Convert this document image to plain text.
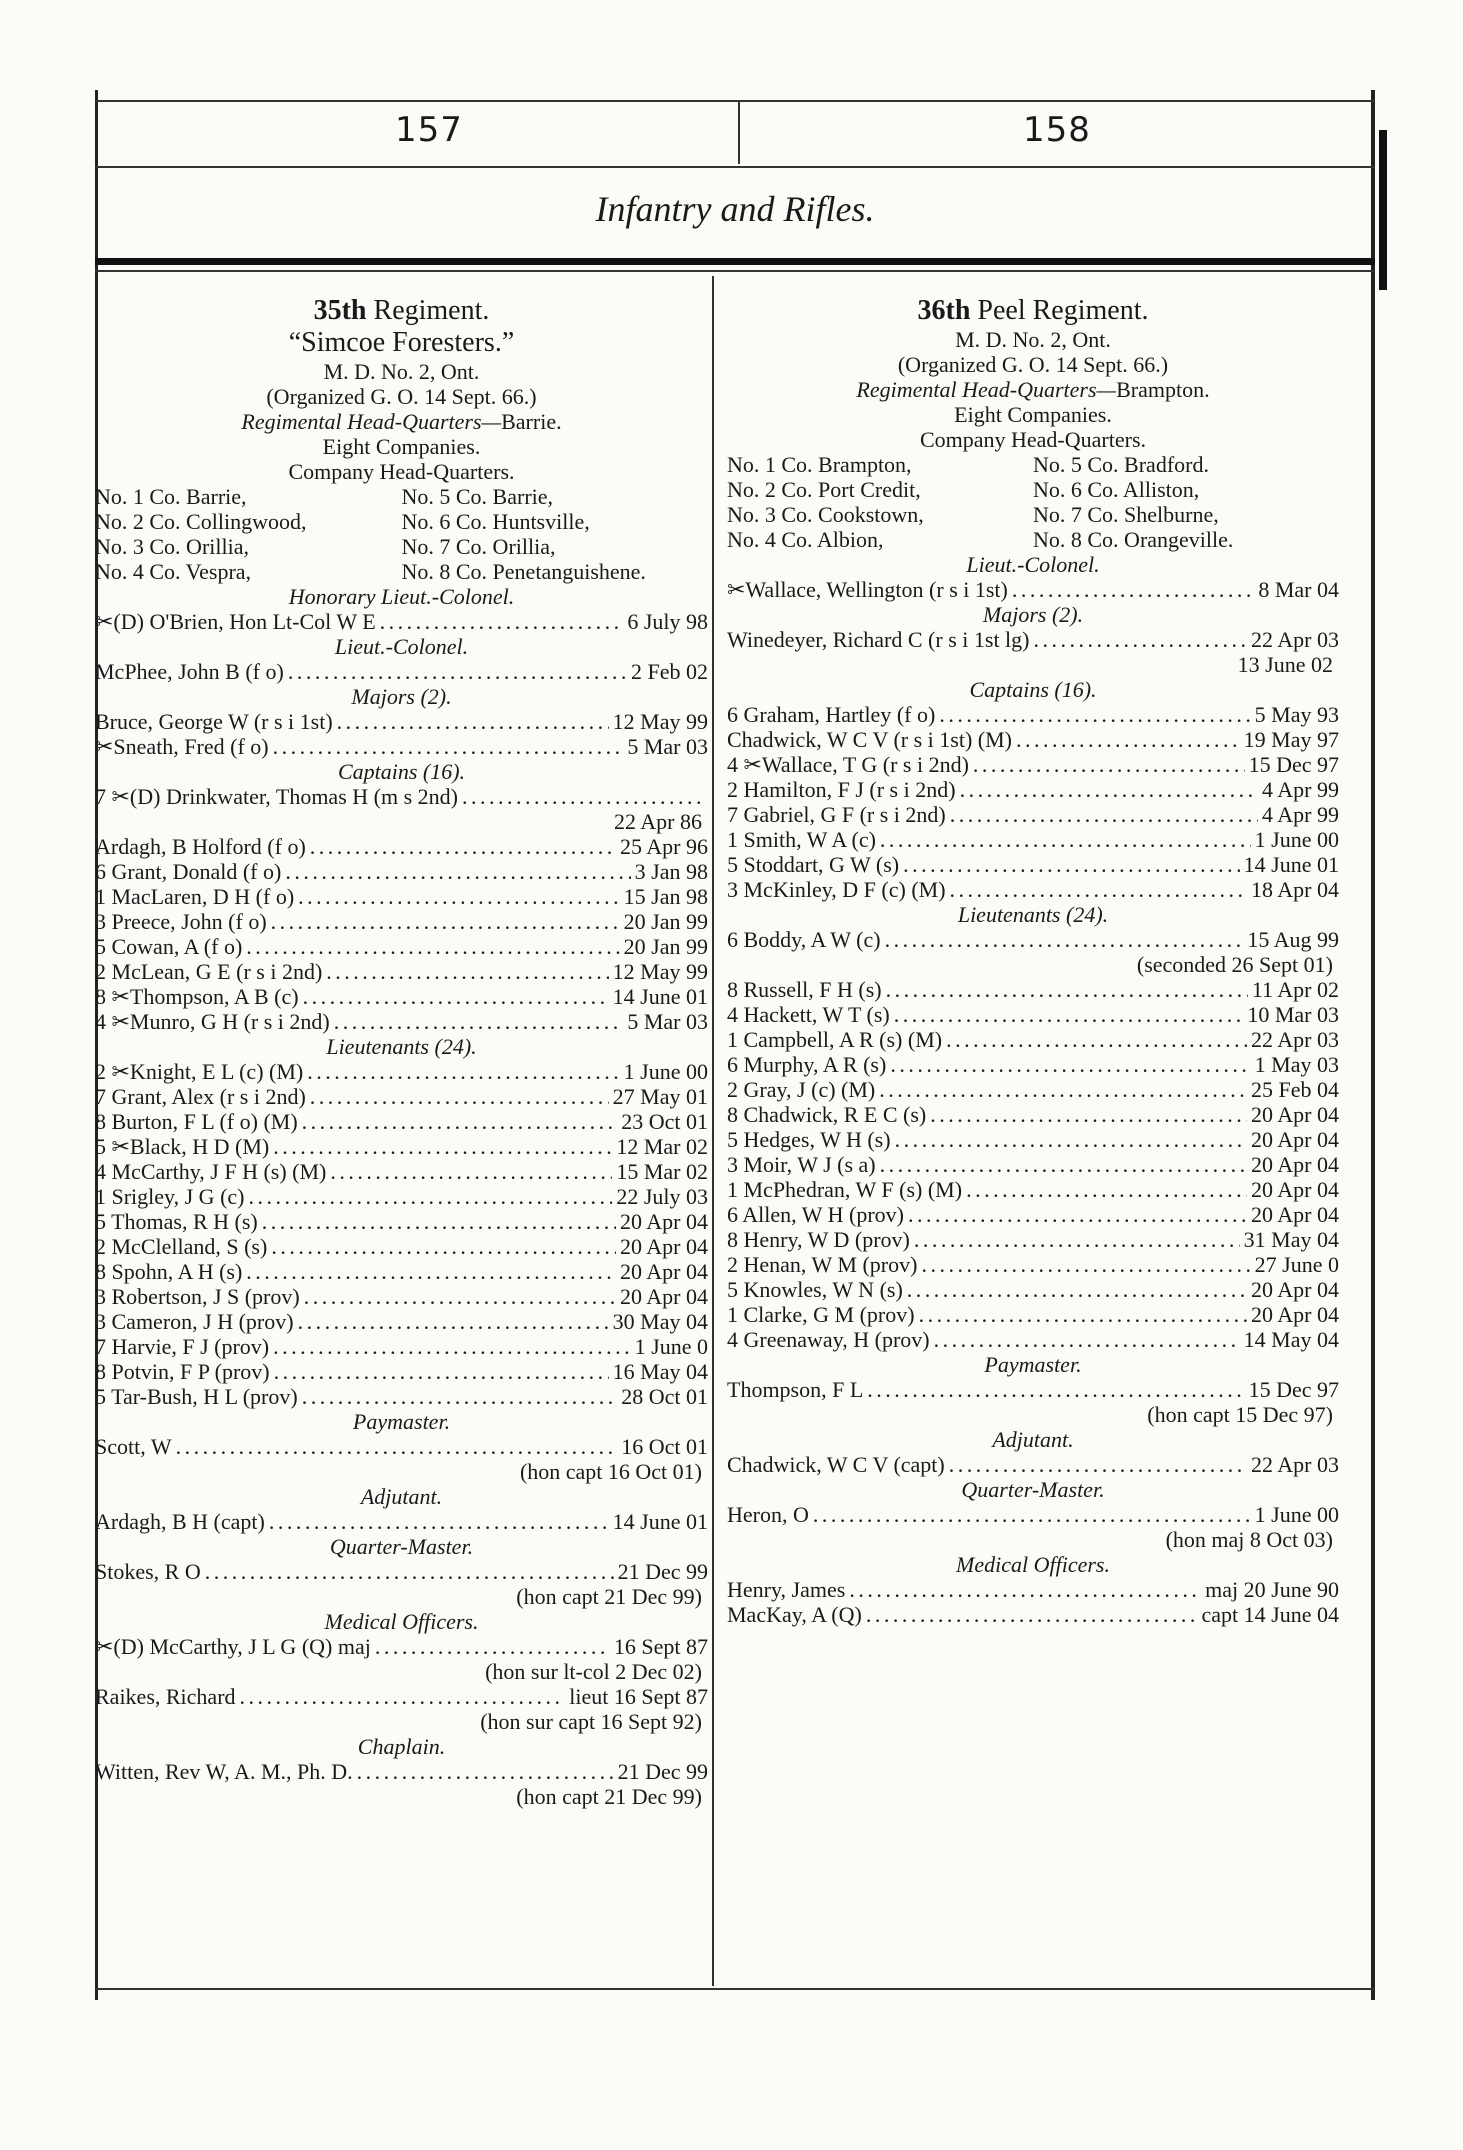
157	158
Infantry and Rifles.
35th Regiment.
“Simcoe Foresters.”
M. D. No. 2, Ont.
(Organized G. O. 14 Sept. 66.)
Regimental Head-Quarters—Barrie.
Eight Companies.
Company Head-Quarters.
No. 1 Co. Barrie,	No. 5 Co. Barrie,
No. 2 Co. Collingwood,	No. 6 Co. Huntsville,
No. 3 Co. Orillia,	No. 7 Co. Orillia,
No. 4 Co. Vespra,	No. 8 Co. Penetanguishene.
Honorary Lieut.-Colonel.
✂(D) O'Brien, Hon Lt-Col W E . . .	6 July 98
Lieut.-Colonel.
McPhee, John B (f o) . . .	2 Feb 02
Majors (2).
Bruce, George W (r s i 1st) . . .	12 May 99
✂Sneath, Fred (f o) . . .	5 Mar 03
Captains (16).
7 ✂(D) Drinkwater, Thomas H (m s 2nd)
. . .
22 Apr 86
Ardagh, B Holford (f o) . . .	25 Apr 96
6 Grant, Donald (f o) . . .	3 Jan 98
1 MacLaren, D H (f o) . . .	15 Jan 98
3 Preece, John (f o) . . .	20 Jan 99
5 Cowan, A (f o) . . .	20 Jan 99
2 McLean, G E (r s i 2nd) . . .	12 May 99
8 ✂Thompson, A B (c) . . .	14 June 01
4 ✂Munro, G H (r s i 2nd) . . .	5 Mar 03
Lieutenants (24).
2 ✂Knight, E L (c) (M) . . .	1 June 00
7 Grant, Alex (r s i 2nd) . . .	27 May 01
8 Burton, F L (f o) (M) . . .	23 Oct 01
5 ✂Black, H D (M) . . .	12 Mar 02
4 McCarthy, J F H (s) (M) . . .	15 Mar 02
1 Srigley, J G (c) . . .	22 July 03
5 Thomas, R H (s) . . .	20 Apr 04
2 McClelland, S (s) . . .	20 Apr 04
8 Spohn, A H (s) . . .	20 Apr 04
3 Robertson, J S (prov) . . .	20 Apr 04
3 Cameron, J H (prov) . . .	30 May 04
7 Harvie, F J (prov) . . .	1 June 0
8 Potvin, F P (prov) . . .	16 May 04
5 Tar-Bush, H L (prov) . . .	28 Oct 01
Paymaster.
Scott, W . . .	16 Oct 01
(hon capt 16 Oct 01)
Adjutant.
Ardagh, B H (capt) . . .	14 June 01
Quarter-Master.
Stokes, R O . . .	21 Dec 99
(hon capt 21 Dec 99)
Medical Officers.
✂(D) McCarthy, J L G (Q) maj . . .	16 Sept 87
(hon sur lt-col 2 Dec 02)
Raikes, Richard . . .	lieut 16 Sept 87
(hon sur capt 16 Sept 92)
Chaplain.
Witten, Rev W, A. M., Ph. D. . . .	21 Dec 99
(hon capt 21 Dec 99)
36th Peel Regiment.
M. D. No. 2, Ont.
(Organized G. O. 14 Sept. 66.)
Regimental Head-Quarters—Brampton.
Eight Companies.
Company Head-Quarters.
No. 1 Co. Brampton,	No. 5 Co. Bradford.
No. 2 Co. Port Credit,	No. 6 Co. Alliston,
No. 3 Co. Cookstown,	No. 7 Co. Shelburne,
No. 4 Co. Albion,	No. 8 Co. Orangeville.
Lieut.-Colonel.
✂Wallace, Wellington (r s i 1st) . . .	8 Mar 04
Majors (2).
Winedeyer, Richard C (r s i 1st lg) . . .	22 Apr 03
13 June 02
Captains (16).
6 Graham, Hartley (f o) . . .	5 May 93
Chadwick, W C V (r s i 1st) (M) . . .	19 May 97
4 ✂Wallace, T G (r s i 2nd) . . .	15 Dec 97
2 Hamilton, F J (r s i 2nd) . . .	4 Apr 99
7 Gabriel, G F (r s i 2nd) . . .	4 Apr 99
1 Smith, W A (c) . . .	1 June 00
5 Stoddart, G W (s) . . .	14 June 01
3 McKinley, D F (c) (M) . . .	18 Apr 04
Lieutenants (24).
6 Boddy, A W (c) . . .	15 Aug 99
(seconded 26 Sept 01)
8 Russell, F H (s) . . .	11 Apr 02
4 Hackett, W T (s) . . .	10 Mar 03
1 Campbell, A R (s) (M) . . .	22 Apr 03
6 Murphy, A R (s) . . .	1 May 03
2 Gray, J (c) (M) . . .	25 Feb 04
8 Chadwick, R E C (s) . . .	20 Apr 04
5 Hedges, W H (s) . . .	20 Apr 04
3 Moir, W J (s a) . . .	20 Apr 04
1 McPhedran, W F (s) (M) . . .	20 Apr 04
6 Allen, W H (prov) . . .	20 Apr 04
8 Henry, W D (prov) . . .	31 May 04
2 Henan, W M (prov) . . .	27 June 0
5 Knowles, W N (s) . . .	20 Apr 04
1 Clarke, G M (prov) . . .	20 Apr 04
4 Greenaway, H (prov) . . .	14 May 04
Paymaster.
Thompson, F L . . .	15 Dec 97
(hon capt 15 Dec 97)
Adjutant.
Chadwick, W C V (capt) . . .	22 Apr 03
Quarter-Master.
Heron, O . . .	1 June 00
(hon maj 8 Oct 03)
Medical Officers.
Henry, James . . .	maj 20 June 90
MacKay, A (Q) . . .	capt 14 June 04
